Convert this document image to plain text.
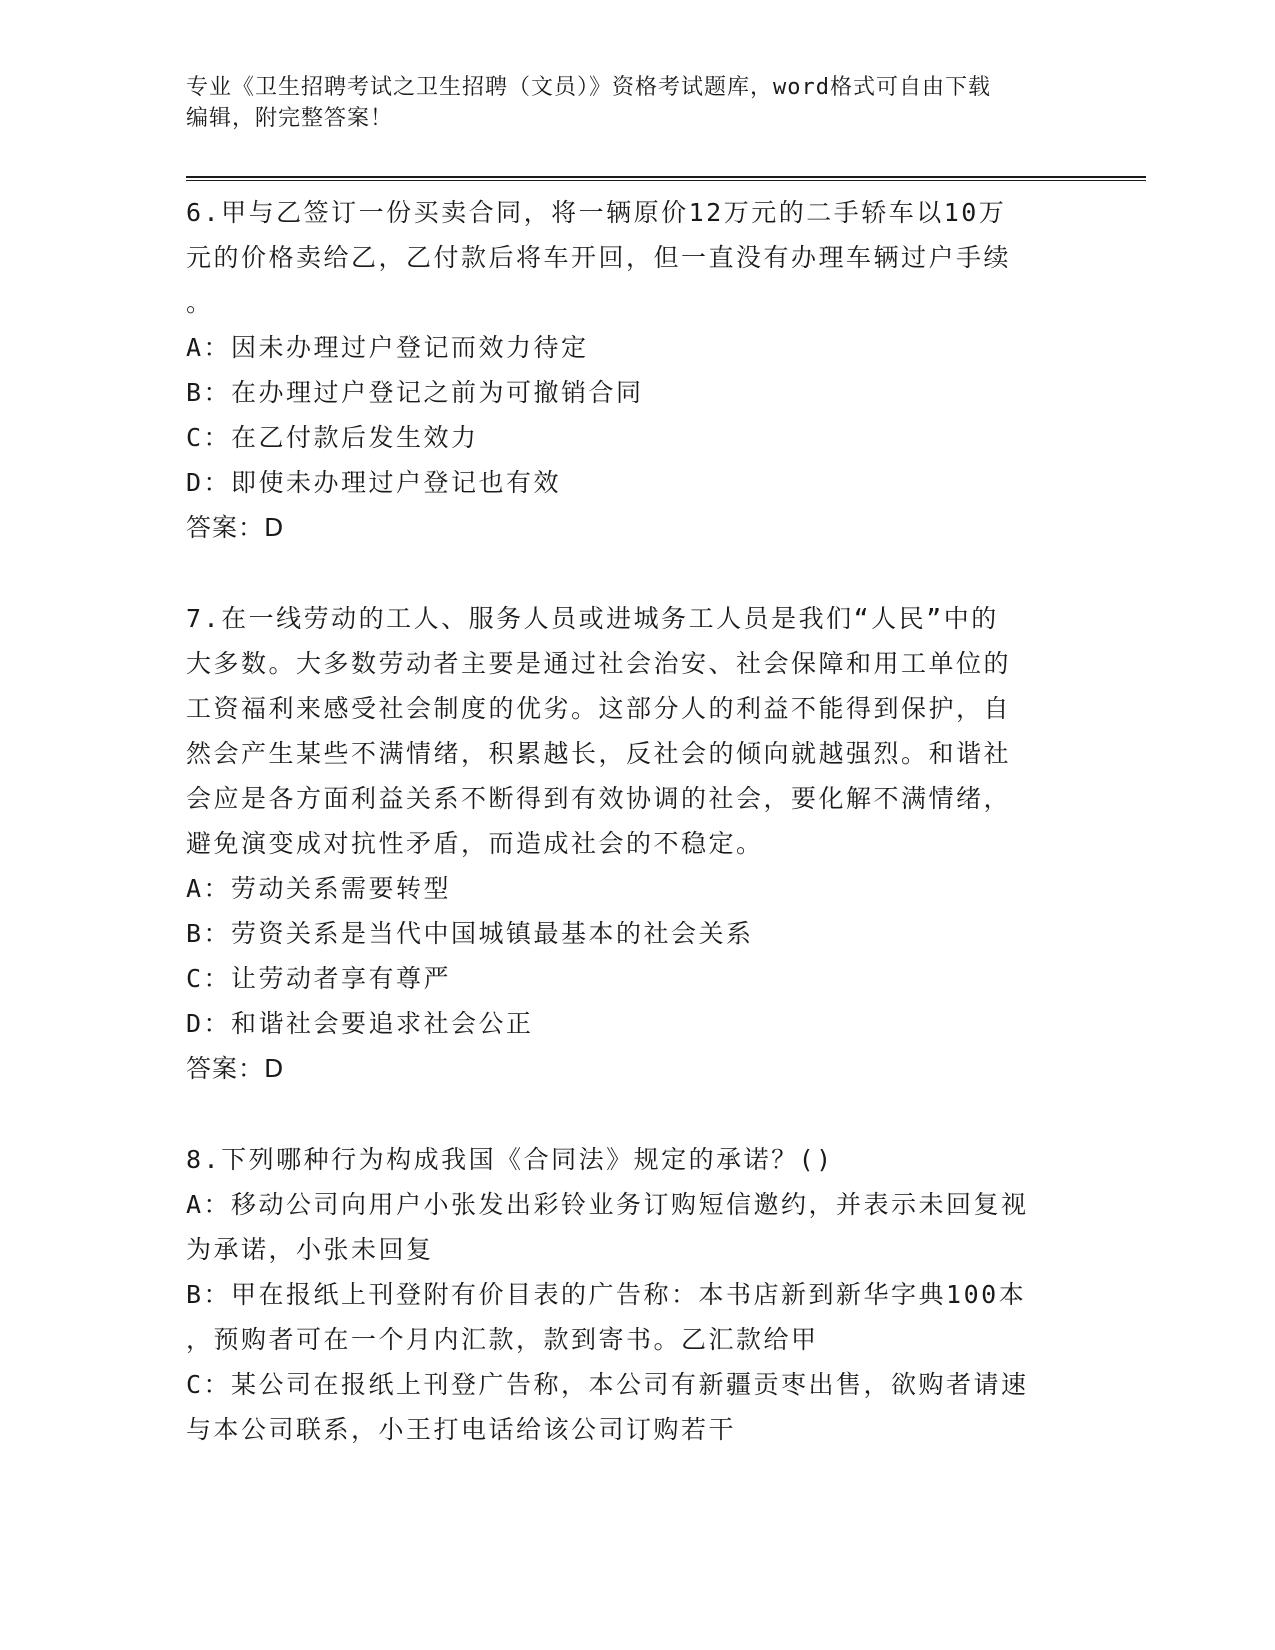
专业《卫生招聘考试之卫生招聘（文员）》资格考试题库，word格式可自由下载
编辑，附完整答案！
6.甲与乙签订一份买卖合同，将一辆原价12万元的二手轿车以10万
元的价格卖给乙，乙付款后将车开回，但一直没有办理车辆过户手续
。
A：因未办理过户登记而效力待定
B：在办理过户登记之前为可撤销合同
C：在乙付款后发生效力
D：即使未办理过户登记也有效
答案：D
7.在一线劳动的工人、服务人员或进城务工人员是我们“人民”中的
大多数。大多数劳动者主要是通过社会治安、社会保障和用工单位的
工资福利来感受社会制度的优劣。这部分人的利益不能得到保护，自
然会产生某些不满情绪，积累越长，反社会的倾向就越强烈。和谐社
会应是各方面利益关系不断得到有效协调的社会，要化解不满情绪，
避免演变成对抗性矛盾，而造成社会的不稳定。
A：劳动关系需要转型
B：劳资关系是当代中国城镇最基本的社会关系
C：让劳动者享有尊严
D：和谐社会要追求社会公正
答案：D
8.下列哪种行为构成我国《合同法》规定的承诺？()
A：移动公司向用户小张发出彩铃业务订购短信邀约，并表示未回复视
为承诺，小张未回复
B：甲在报纸上刊登附有价目表的广告称：本书店新到新华字典100本
，预购者可在一个月内汇款，款到寄书。乙汇款给甲
C：某公司在报纸上刊登广告称，本公司有新疆贡枣出售，欲购者请速
与本公司联系，小王打电话给该公司订购若干
